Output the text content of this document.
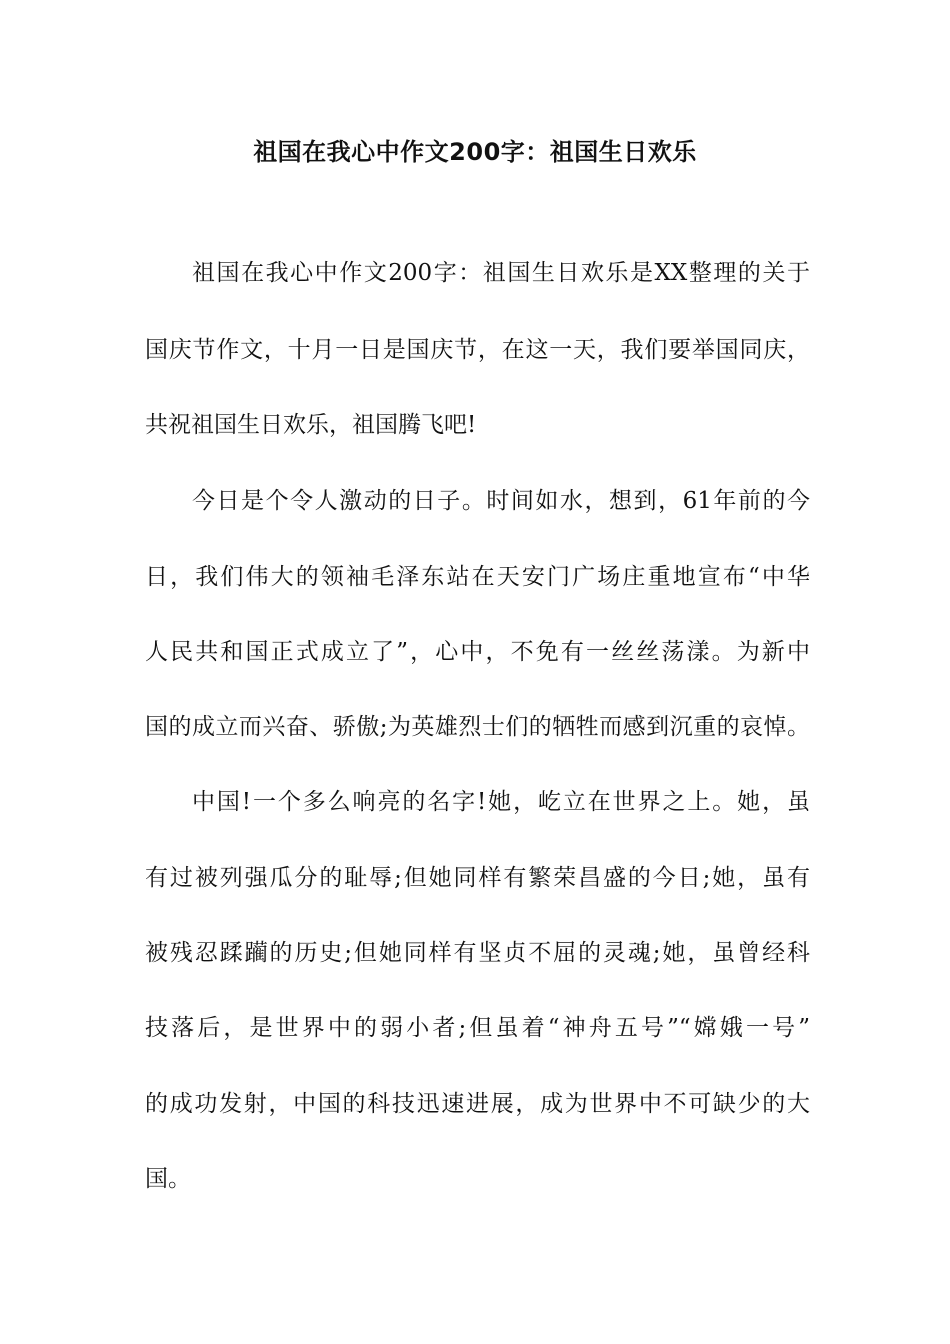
祖国在我心中作文200字：祖国生日欢乐
祖国在我心中作文200字：祖国生日欢乐是XX整理的关于
国庆节作文，十月一日是国庆节，在这一天，我们要举国同庆，
共祝祖国生日欢乐，祖国腾飞吧!
今日是个令人激动的日子。时间如水，想到，61年前的今
日，我们伟大的领袖毛泽东站在天安门广场庄重地宣布“中华
人民共和国正式成立了”，心中，不免有一丝丝荡漾。为新中
国的成立而兴奋、骄傲;为英雄烈士们的牺牲而感到沉重的哀悼。
中国!一个多么响亮的名字!她，屹立在世界之上。她，虽
有过被列强瓜分的耻辱;但她同样有繁荣昌盛的今日;她，虽有
被残忍蹂躏的历史;但她同样有坚贞不屈的灵魂;她，虽曾经科
技落后，是世界中的弱小者;但虽着“神舟五号”“嫦娥一号”
的成功发射，中国的科技迅速进展，成为世界中不可缺少的大
国。
